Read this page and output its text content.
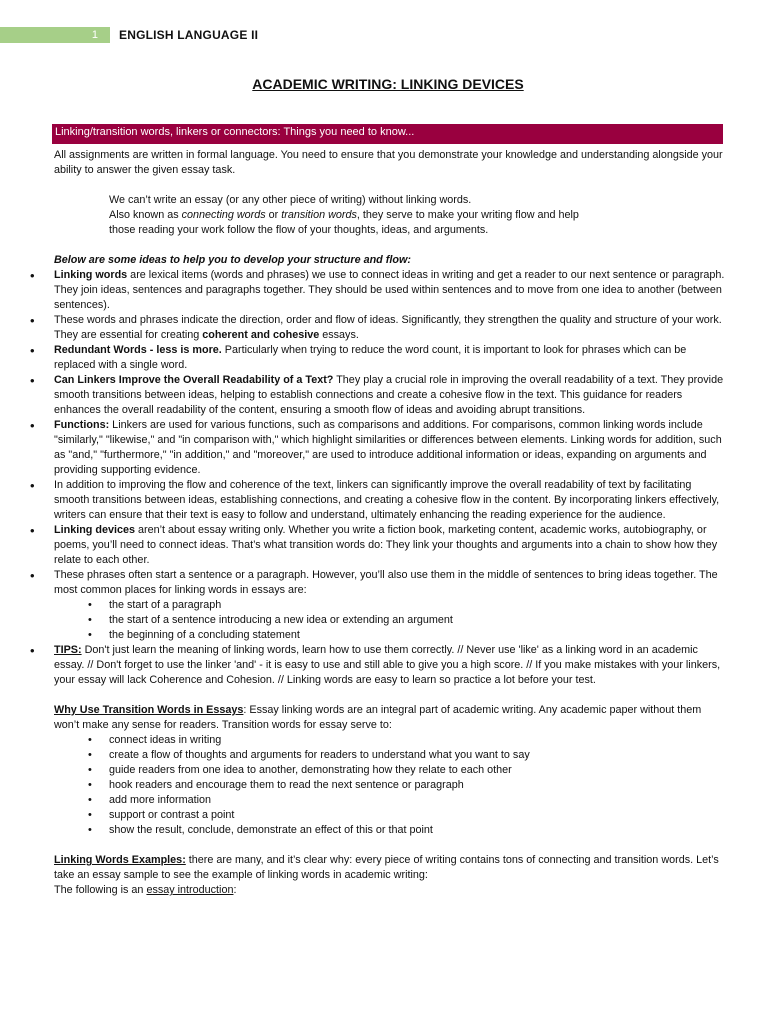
1	ENGLISH LANGUAGE II
ACADEMIC WRITING: LINKING DEVICES
Linking/transition words, linkers or connectors: Things you need to know...

All assignments are written in formal language. You need to ensure that you demonstrate your knowledge and understanding alongside your ability to answer the given essay task.

We can’t write an essay (or any other piece of writing) without linking words.

Also known as connecting words or transition words, they serve to make your writing flow and help

those reading your work follow the flow of your thoughts, ideas, and arguments.

Below are some ideas to help you to develop your structure and flow:

• Linking words are lexical items (words and phrases) we use to connect ideas in writing and get a reader to our next sentence or paragraph. They join ideas, sentences and paragraphs together. They should be used within sentences and to move from one idea to another (between sentences).
• These words and phrases indicate the direction, order and flow of ideas. Significantly, they strengthen the quality and structure of your work. They are essential for creating coherent and cohesive essays.
• Redundant Words - less is more. Particularly when trying to reduce the word count, it is important to look for phrases which can be replaced with a single word.
• Can Linkers Improve the Overall Readability of a Text? They play a crucial role in improving the overall readability of a text. They provide smooth transitions between ideas, helping to establish connections and create a cohesive flow in the text. This guidance for readers enhances the overall readability of the content, ensuring a smooth flow of ideas and avoiding abrupt transitions.
• Functions: Linkers are used for various functions, such as comparisons and additions. For comparisons, common linking words include "similarly," "likewise," and "in comparison with," which highlight similarities or differences between elements. Linking words for addition, such as "and," "furthermore," "in addition," and "moreover," are used to introduce additional information or ideas, expanding on arguments and providing supporting evidence.
• In addition to improving the flow and coherence of the text, linkers can significantly improve the overall readability of text by facilitating smooth transitions between ideas, establishing connections, and creating a cohesive flow in the content. By incorporating linkers effectively, writers can ensure that their text is easy to follow and understand, ultimately enhancing the reading experience for the audience.
• Linking devices aren’t about essay writing only. Whether you write a fiction book, marketing content, academic works, autobiography, or poems, you’ll need to connect ideas. That’s what transition words do: They link your thoughts and arguments into a chain to show how they relate to each other.
• These phrases often start a sentence or a paragraph. However, you’ll also use them in the middle of sentences to bring ideas together. The most common places for linking words in essays are:
• the start of a paragraph
• the start of a sentence introducing a new idea or extending an argument
• the beginning of a concluding statement
• TIPS: Don't just learn the meaning of linking words, learn how to use them correctly. // Never use 'like' as a linking word in an academic essay. // Don't forget to use the linker 'and' - it is easy to use and still able to give you a high score. // If you make mistakes with your linkers, your essay will lack Coherence and Cohesion. // Linking words are easy to learn so practice a lot before your test.

Why Use Transition Words in Essays: Essay linking words are an integral part of academic writing. Any academic paper without them won’t make any sense for readers. Transition words for essay serve to:

• connect ideas in writing
• create a flow of thoughts and arguments for readers to understand what you want to say
• guide readers from one idea to another, demonstrating how they relate to each other
• hook readers and encourage them to read the next sentence or paragraph
• add more information
• support or contrast a point
• show the result, conclude, demonstrate an effect of this or that point

Linking Words Examples: there are many, and it’s clear why: every piece of writing contains tons of connecting and transition words. Let’s take an essay sample to see the example of linking words in academic writing:

The following is an essay introduction:
